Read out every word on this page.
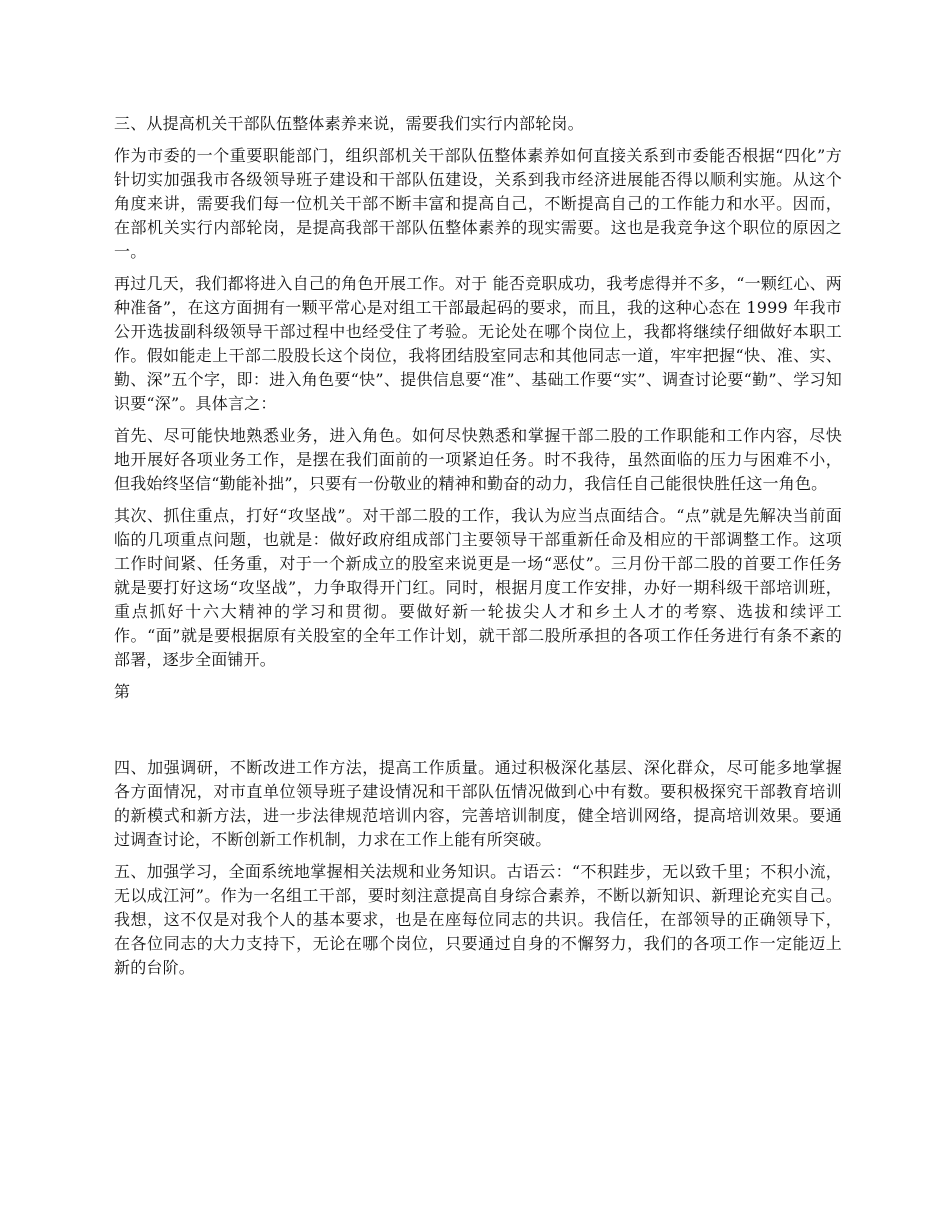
三、从提高机关干部队伍整体素养来说，需要我们实行内部轮岗。

作为市委的一个重要职能部门，组织部机关干部队伍整体素养如何直接关系到市委能否根据“四化”方针切实加强我市各级领导班子建设和干部队伍建设，关系到我市经济进展能否得以顺利实施。从这个角度来讲，需要我们每一位机关干部不断丰富和提高自己，不断提高自己的工作能力和水平。因而，在部机关实行内部轮岗，是提高我部干部队伍整体素养的现实需要。这也是我竞争这个职位的原因之一。

再过几天，我们都将进入自己的角色开展工作。对于 能否竞职成功，我考虑得并不多，“一颗红心、两种准备”，在这方面拥有一颗平常心是对组工干部最起码的要求，而且，我的这种心态在 1999 年我市公开选拔副科级领导干部过程中也经受住了考验。无论处在哪个岗位上，我都将继续仔细做好本职工作。假如能走上干部二股股长这个岗位，我将团结股室同志和其他同志一道，牢牢把握“快、准、实、勤、深”五个字，即：进入角色要“快”、提供信息要“准”、基础工作要“实”、调查讨论要“勤”、学习知识要“深”。具体言之：

首先、尽可能快地熟悉业务，进入角色。如何尽快熟悉和掌握干部二股的工作职能和工作内容，尽快地开展好各项业务工作，是摆在我们面前的一项紧迫任务。时不我待，虽然面临的压力与困难不小，但我始终坚信“勤能补拙”，只要有一份敬业的精神和勤奋的动力，我信任自己能很快胜任这一角色。

其次、抓住重点，打好“攻坚战”。对干部二股的工作，我认为应当点面结合。“点”就是先解决当前面临的几项重点问题，也就是：做好政府组成部门主要领导干部重新任命及相应的干部调整工作。这项工作时间紧、任务重，对于一个新成立的股室来说更是一场“恶仗”。三月份干部二股的首要工作任务就是要打好这场“攻坚战”，力争取得开门红。同时，根据月度工作安排，办好一期科级干部培训班，重点抓好十六大精神的学习和贯彻。要做好新一轮拔尖人才和乡土人才的考察、选拔和续评工作。“面”就是要根据原有关股室的全年工作计划，就干部二股所承担的各项工作任务进行有条不紊的部署，逐步全面铺开。

第

四、加强调研，不断改进工作方法，提高工作质量。通过积极深化基层、深化群众，尽可能多地掌握各方面情况，对市直单位领导班子建设情况和干部队伍情况做到心中有数。要积极探究干部教育培训的新模式和新方法，进一步法律规范培训内容，完善培训制度，健全培训网络，提高培训效果。要通过调查讨论，不断创新工作机制，力求在工作上能有所突破。

五、加强学习，全面系统地掌握相关法规和业务知识。古语云：“不积跬步，无以致千里；不积小流，无以成江河”。作为一名组工干部，要时刻注意提高自身综合素养，不断以新知识、新理论充实自己。我想，这不仅是对我个人的基本要求，也是在座每位同志的共识。我信任，在部领导的正确领导下，在各位同志的大力支持下，无论在哪个岗位，只要通过自身的不懈努力，我们的各项工作一定能迈上新的台阶。
